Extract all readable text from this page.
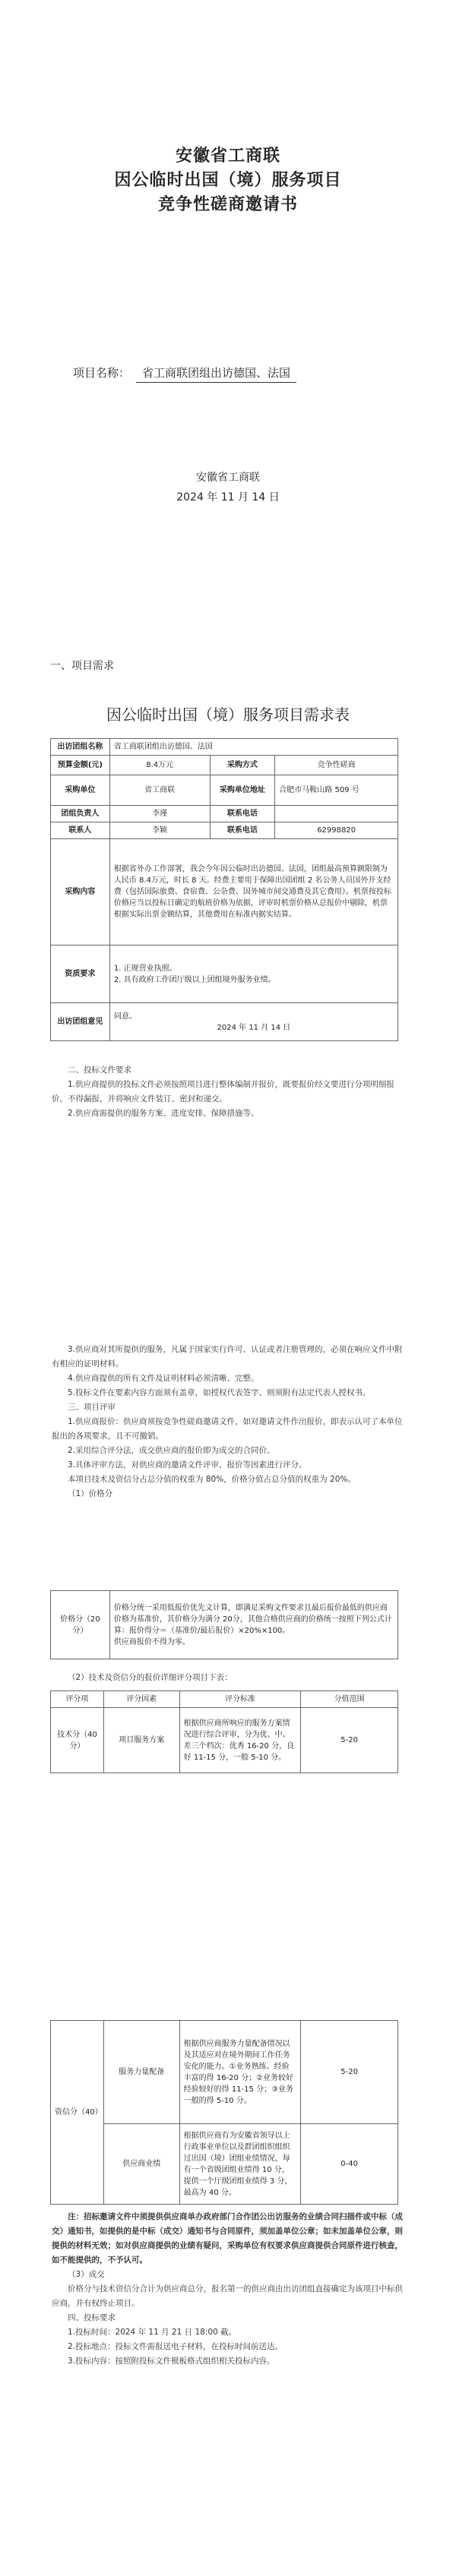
安徽省工商联
因公临时出国（境）服务项目
竞争性磋商邀请书
项目名称： 省工商联团组出访德国、法国
安徽省工商联
2024 年 11 月 14 日
一、项目需求
因公临时出国（境）服务项目需求表
出访团组名称	省工商联团组出访德国、法国		
预算金额(元)	8.4万元	采购方式	竞争性磋商
采购单位	省工商联	采购单位地址	合肥市马鞍山路 509 号
团组负责人	李瑾	联系电话	
联系人	李颖	联系电话	62998820
采购内容	根据省外办工作部署，我会今年因公临时出访德国、法国，团组最高预算额限制为人民币 8.4万元，时长 8 天。经费主要用于保障出国团组 2 名公务人员国外开支经费（包括国际旅费、食宿费、公杂费、国外城市间交通费及其它费用）。机票按投标价格应当以投标日确定的航班价格为依据，评审时机票价格从总报价中剔除，机票根据实际出票金额结算，其他费用在标准内据实结算。		
资质要求	1. 正规营业执照。
2. 具有政府工作团厅级以上团组境外服务业绩。		

出访团组意见	同意。
2024 年 11 月 14 日		

二、投标文件要求

1.供应商提供的投标文件必须按照项目进行整体编制并报价，既要报价经文要进行分项明细报价，不得漏报，并将响应文件装订、密封和递交。

2.供应商需提供的服务方案、进度安排、保障措施等。

3.供应商对其所提供的服务，凡属于国家实行许可、认证或者注册管理的，必须在响应文件中附有相应的证明材料。

4.供应商提供的所有文件及证明材料必须清晰、完整。

5.投标文件在要素内容方面须有盖章，如授权代表签字、则须附有法定代表人授权书。

三、项目评审

1.供应商报价：供应商须按竞争性磋商邀请文件，如对邀请文件作出报价，即表示认可了本单位报出的各项要求，且不可撤销。

2.采用综合评分法，成交供应商的报价即为成交的合同价。

3.具体评审方法，对供应商的邀请文件评审、报价等因素进行评分。

本项目技术及资信分占总分值的权重为 80%，价格分值占总分值的权重为 20%。

（1）价格分

价格分（20分）	
价格分统一采用低报价优先文计算，即满足采购文件要求且最后报价最低的供应商价格为基准价，其价格分为满分 20分，其他合格供应商的价格统一按照下列公式计算：报价得分＝（基准价/最后报价）×20%×100。
供应商报价不得为零。

（2）技术及资信分的报价详细评分项目下表：

评分项	评分因素	评分标准	分值范围
技术分（40分）	项目服务方案	根据供应商所响应的服务方案情况进行综合评审，分为优、中、差三个档次：优秀 16-20 分，良好 11-15 分，一般 5-10 分。	5-20
资信分（40）	服务力量配备	根据供应商服务力量配备情况以及其适应对在境外期间工作任务安化的能力。①业务熟练、经验丰富的得 16-20 分；②业务较好经验较好的得 11-15 分；③业务一般的得 5-10 分。	5-20
	供应商业绩	根据供应商有为安徽省领导以上行政事业单位以及群团组织组织过出国（境）团组业绩情况，每有一个省级团组业绩得 10 分，提供一个厅级团组业绩得 3 分，最高为 40 分。	0-40

注：招标邀请文件中须提供供应商单办政府部门合作团公出访服务的业绩合同扫描件或中标（成交）通知书，如提供的是中标（成交）通知书与合同原件，须加盖单位公章；如未加盖单位公章，则提供的材料无效；如对供应商提供的业绩有疑问，采购单位有权要求供应商提供合同原件进行核查，如不能提供的，不予认可。

（3）成交

价格分与技术资信分合计为供应商总分，报名第一的供应商由出访团组直接确定为该项目中标供应商，并有权终止项目。

四、投标要求

1.投标时间：2024 年 11 月 21 日 18:00 截。

2.投标地点：投标文件需报送电子材料，在投标时间前送达。

3.投标内容：按照附投标文件模板格式组织相关投标内容。
